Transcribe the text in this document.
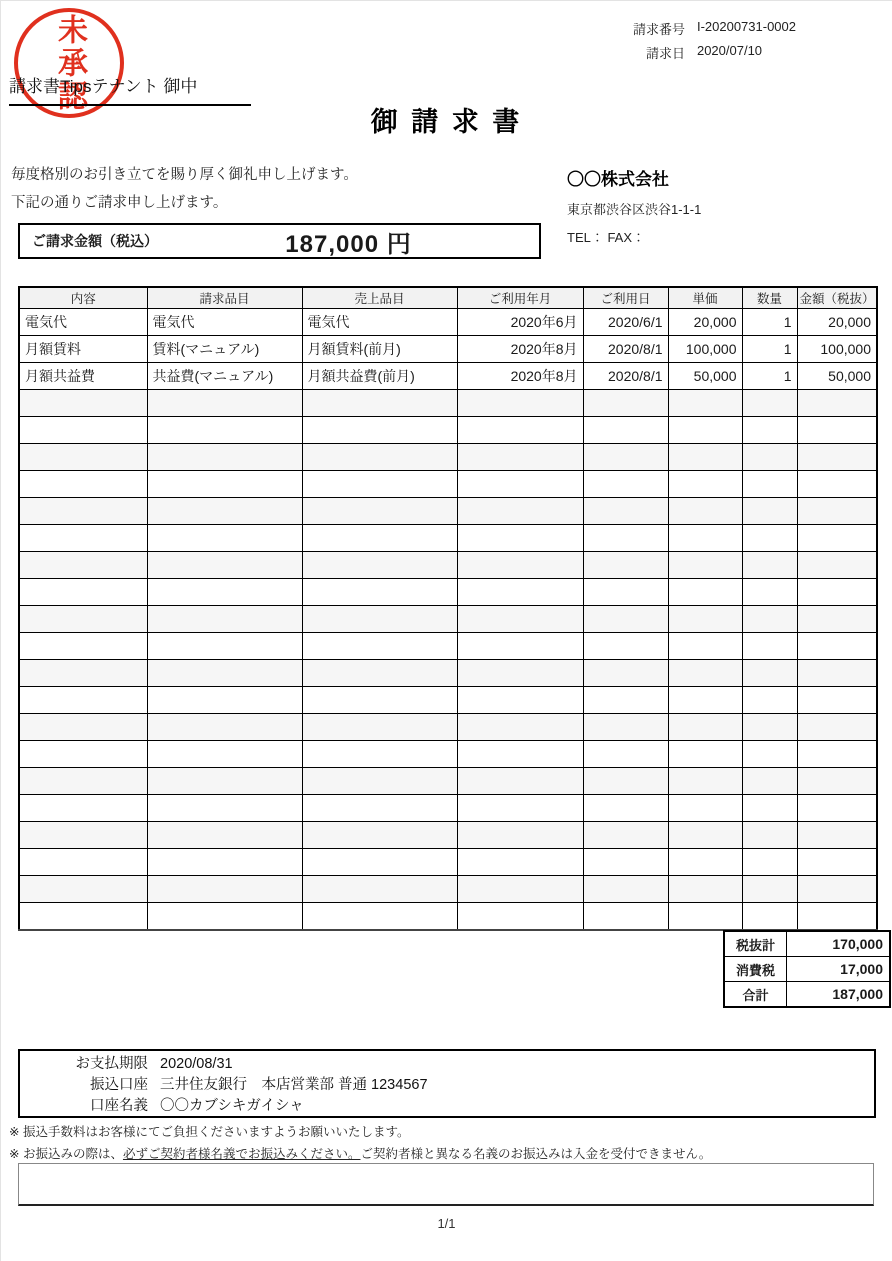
未承認	請求番号 I-20200731-0002
請求日 2020/07/10
請求書Tipsテナント 御中
御 請 求 書
毎度格別のお引き立てを賜り厚く御礼申し上げます。
下記の通りご請求申し上げます。
〇〇株式会社
東京都渋谷区渋谷1-1-1
TEL： FAX：
ご請求金額（税込）	187,000 円
内容	請求品目	売上品目	ご利用年月	ご利用日	単価	数量	金額（税抜）
電気代	電気代	電気代	2020年6月	2020/6/1	20,000	1	20,000
月額賃料	賃料(マニュアル)	月額賃料(前月)	2020年8月	2020/8/1	100,000	1	100,000
月額共益費	共益費(マニュアル)	月額共益費(前月)	2020年8月	2020/8/1	50,000	1	50,000

税抜計	170,000
消費税	17,000
合計	187,000
お支払期限 2020/08/31
振込口座 三井住友銀行　本店営業部 普通 1234567
口座名義 〇〇カブシキガイシャ
※ 振込手数料はお客様にてご負担くださいますようお願いいたします。
※ お振込みの際は、必ずご契約者様名義でお振込みください。ご契約者様と異なる名義のお振込みは入金を受付できません。
1/1
